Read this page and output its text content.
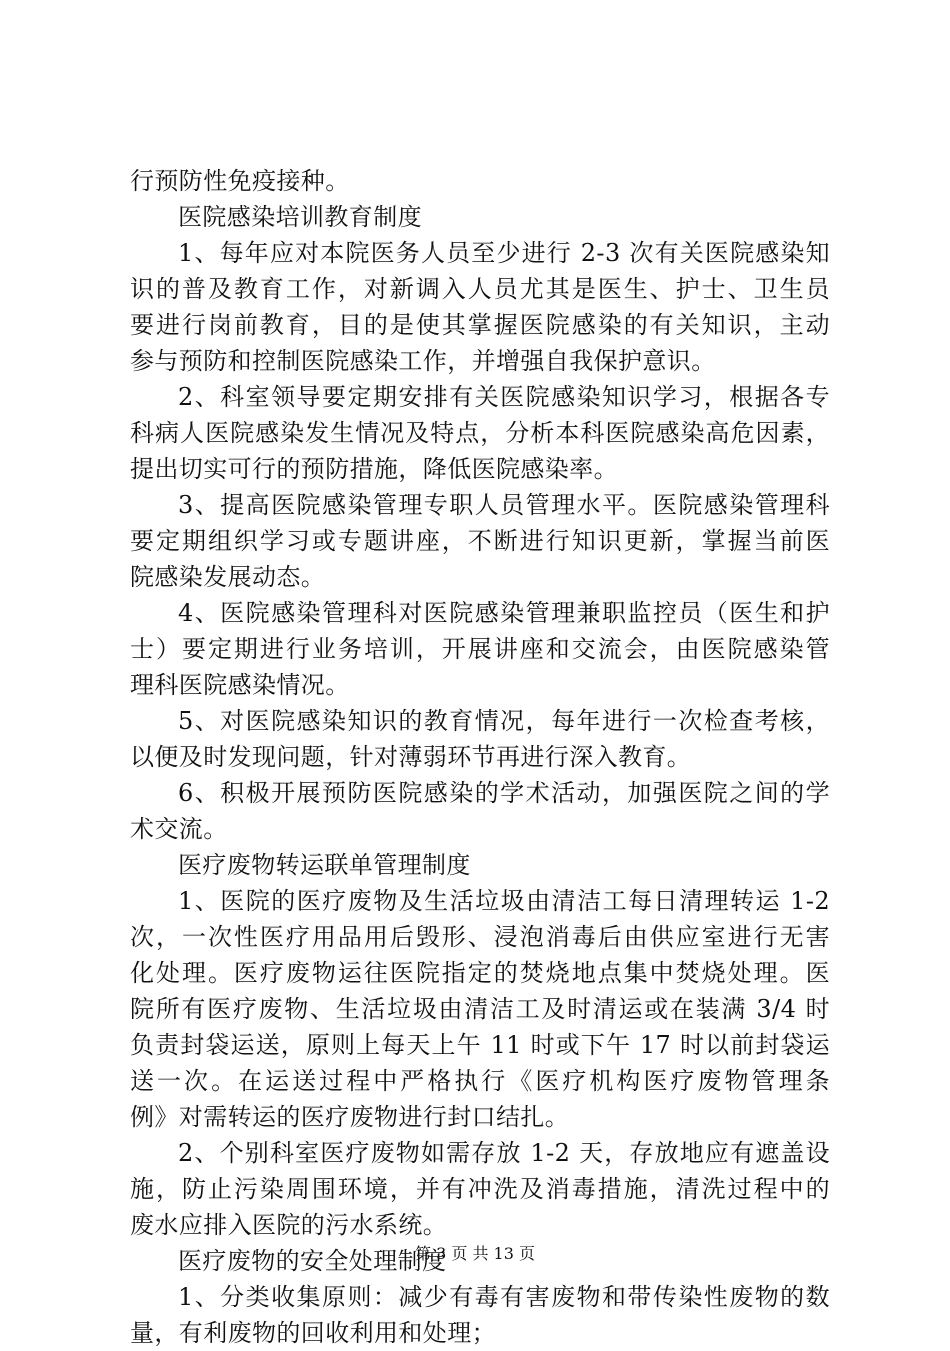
行预防性免疫接种。
医院感染培训教育制度
1、每年应对本院医务人员至少进行 2-3 次有关医院感染知
识的普及教育工作，对新调入人员尤其是医生、护士、卫生员
要进行岗前教育，目的是使其掌握医院感染的有关知识，主动
参与预防和控制医院感染工作，并增强自我保护意识。
2、科室领导要定期安排有关医院感染知识学习，根据各专
科病人医院感染发生情况及特点，分析本科医院感染高危因素，
提出切实可行的预防措施，降低医院感染率。
3、提高医院感染管理专职人员管理水平。医院感染管理科
要定期组织学习或专题讲座，不断进行知识更新，掌握当前医
院感染发展动态。
4、医院感染管理科对医院感染管理兼职监控员（医生和护
士）要定期进行业务培训，开展讲座和交流会，由医院感染管
理科医院感染情况。
5、对医院感染知识的教育情况，每年进行一次检查考核，
以便及时发现问题，针对薄弱环节再进行深入教育。
6、积极开展预防医院感染的学术活动，加强医院之间的学
术交流。
医疗废物转运联单管理制度
1、医院的医疗废物及生活垃圾由清洁工每日清理转运 1-2
次，一次性医疗用品用后毁形、浸泡消毒后由供应室进行无害
化处理。医疗废物运往医院指定的焚烧地点集中焚烧处理。医
院所有医疗废物、生活垃圾由清洁工及时清运或在装满 3/4 时
负责封袋运送，原则上每天上午 11 时或下午 17 时以前封袋运
送一次。在运送过程中严格执行《医疗机构医疗废物管理条
例》对需转运的医疗废物进行封口结扎。
2、个别科室医疗废物如需存放 1-2 天，存放地应有遮盖设
施，防止污染周围环境，并有冲洗及消毒措施，清洗过程中的
废水应排入医院的污水系统。
医疗废物的安全处理制度
1、分类收集原则：减少有毒有害废物和带传染性废物的数
量，有利废物的回收利用和处理；
第 3 页 共 13 页
